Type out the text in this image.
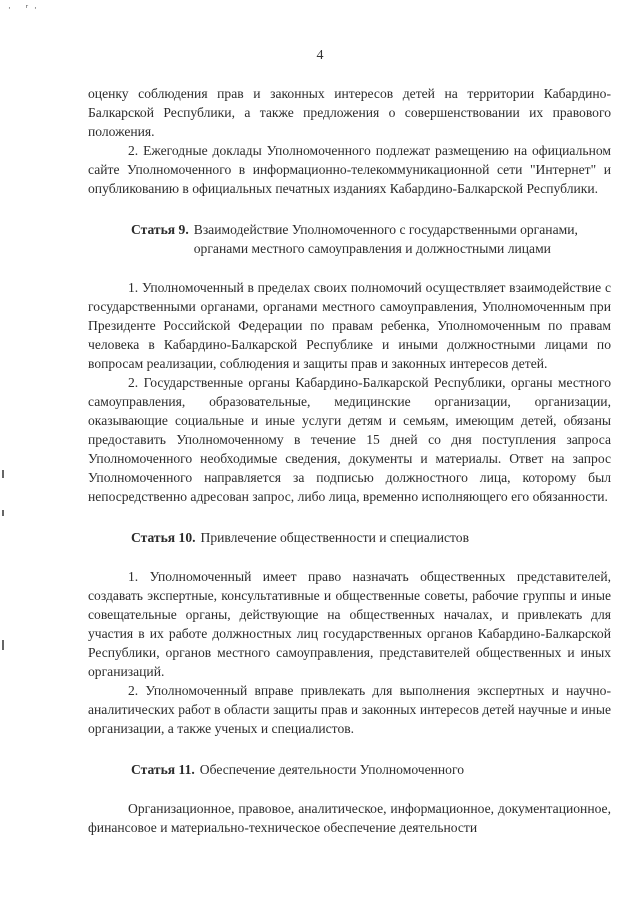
· ʳ·
4

оценку соблюдения прав и законных интересов детей на территории Кабардино-Балкарской Республики, а также предложения о совершенствовании их правового положения.

2. Ежегодные доклады Уполномоченного подлежат размещению на официальном сайте Уполномоченного в информационно-телекоммуникационной сети "Интернет" и опубликованию в официальных печатных изданиях Кабардино-Балкарской Республики.

Статья 9. Взаимодействие Уполномоченного с государственными органами, органами местного самоуправления и должностными лицами

1. Уполномоченный в пределах своих полномочий осуществляет взаимодействие с государственными органами, органами местного самоуправления, Уполномоченным при Президенте Российской Федерации по правам ребенка, Уполномоченным по правам человека в Кабардино-Балкарской Республике и иными должностными лицами по вопросам реализации, соблюдения и защиты прав и законных интересов детей.

2. Государственные органы Кабардино-Балкарской Республики, органы местного самоуправления, образовательные, медицинские организации, организации, оказывающие социальные и иные услуги детям и семьям, имеющим детей, обязаны предоставить Уполномоченному в течение 15 дней со дня поступления запроса Уполномоченного необходимые сведения, документы и материалы. Ответ на запрос Уполномоченного направляется за подписью должностного лица, которому был непосредственно адресован запрос, либо лица, временно исполняющего его обязанности.

Статья 10. Привлечение общественности и специалистов

1. Уполномоченный имеет право назначать общественных представителей, создавать экспертные, консультативные и общественные советы, рабочие группы и иные совещательные органы, действующие на общественных началах, и привлекать для участия в их работе должностных лиц государственных органов Кабардино-Балкарской Республики, органов местного самоуправления, представителей общественных и иных организаций.

2. Уполномоченный вправе привлекать для выполнения экспертных и научно-аналитических работ в области защиты прав и законных интересов детей научные и иные организации, а также ученых и специалистов.

Статья 11. Обеспечение деятельности Уполномоченного

Организационное, правовое, аналитическое, информационное, документационное, финансовое и материально-техническое обеспечение деятельности
